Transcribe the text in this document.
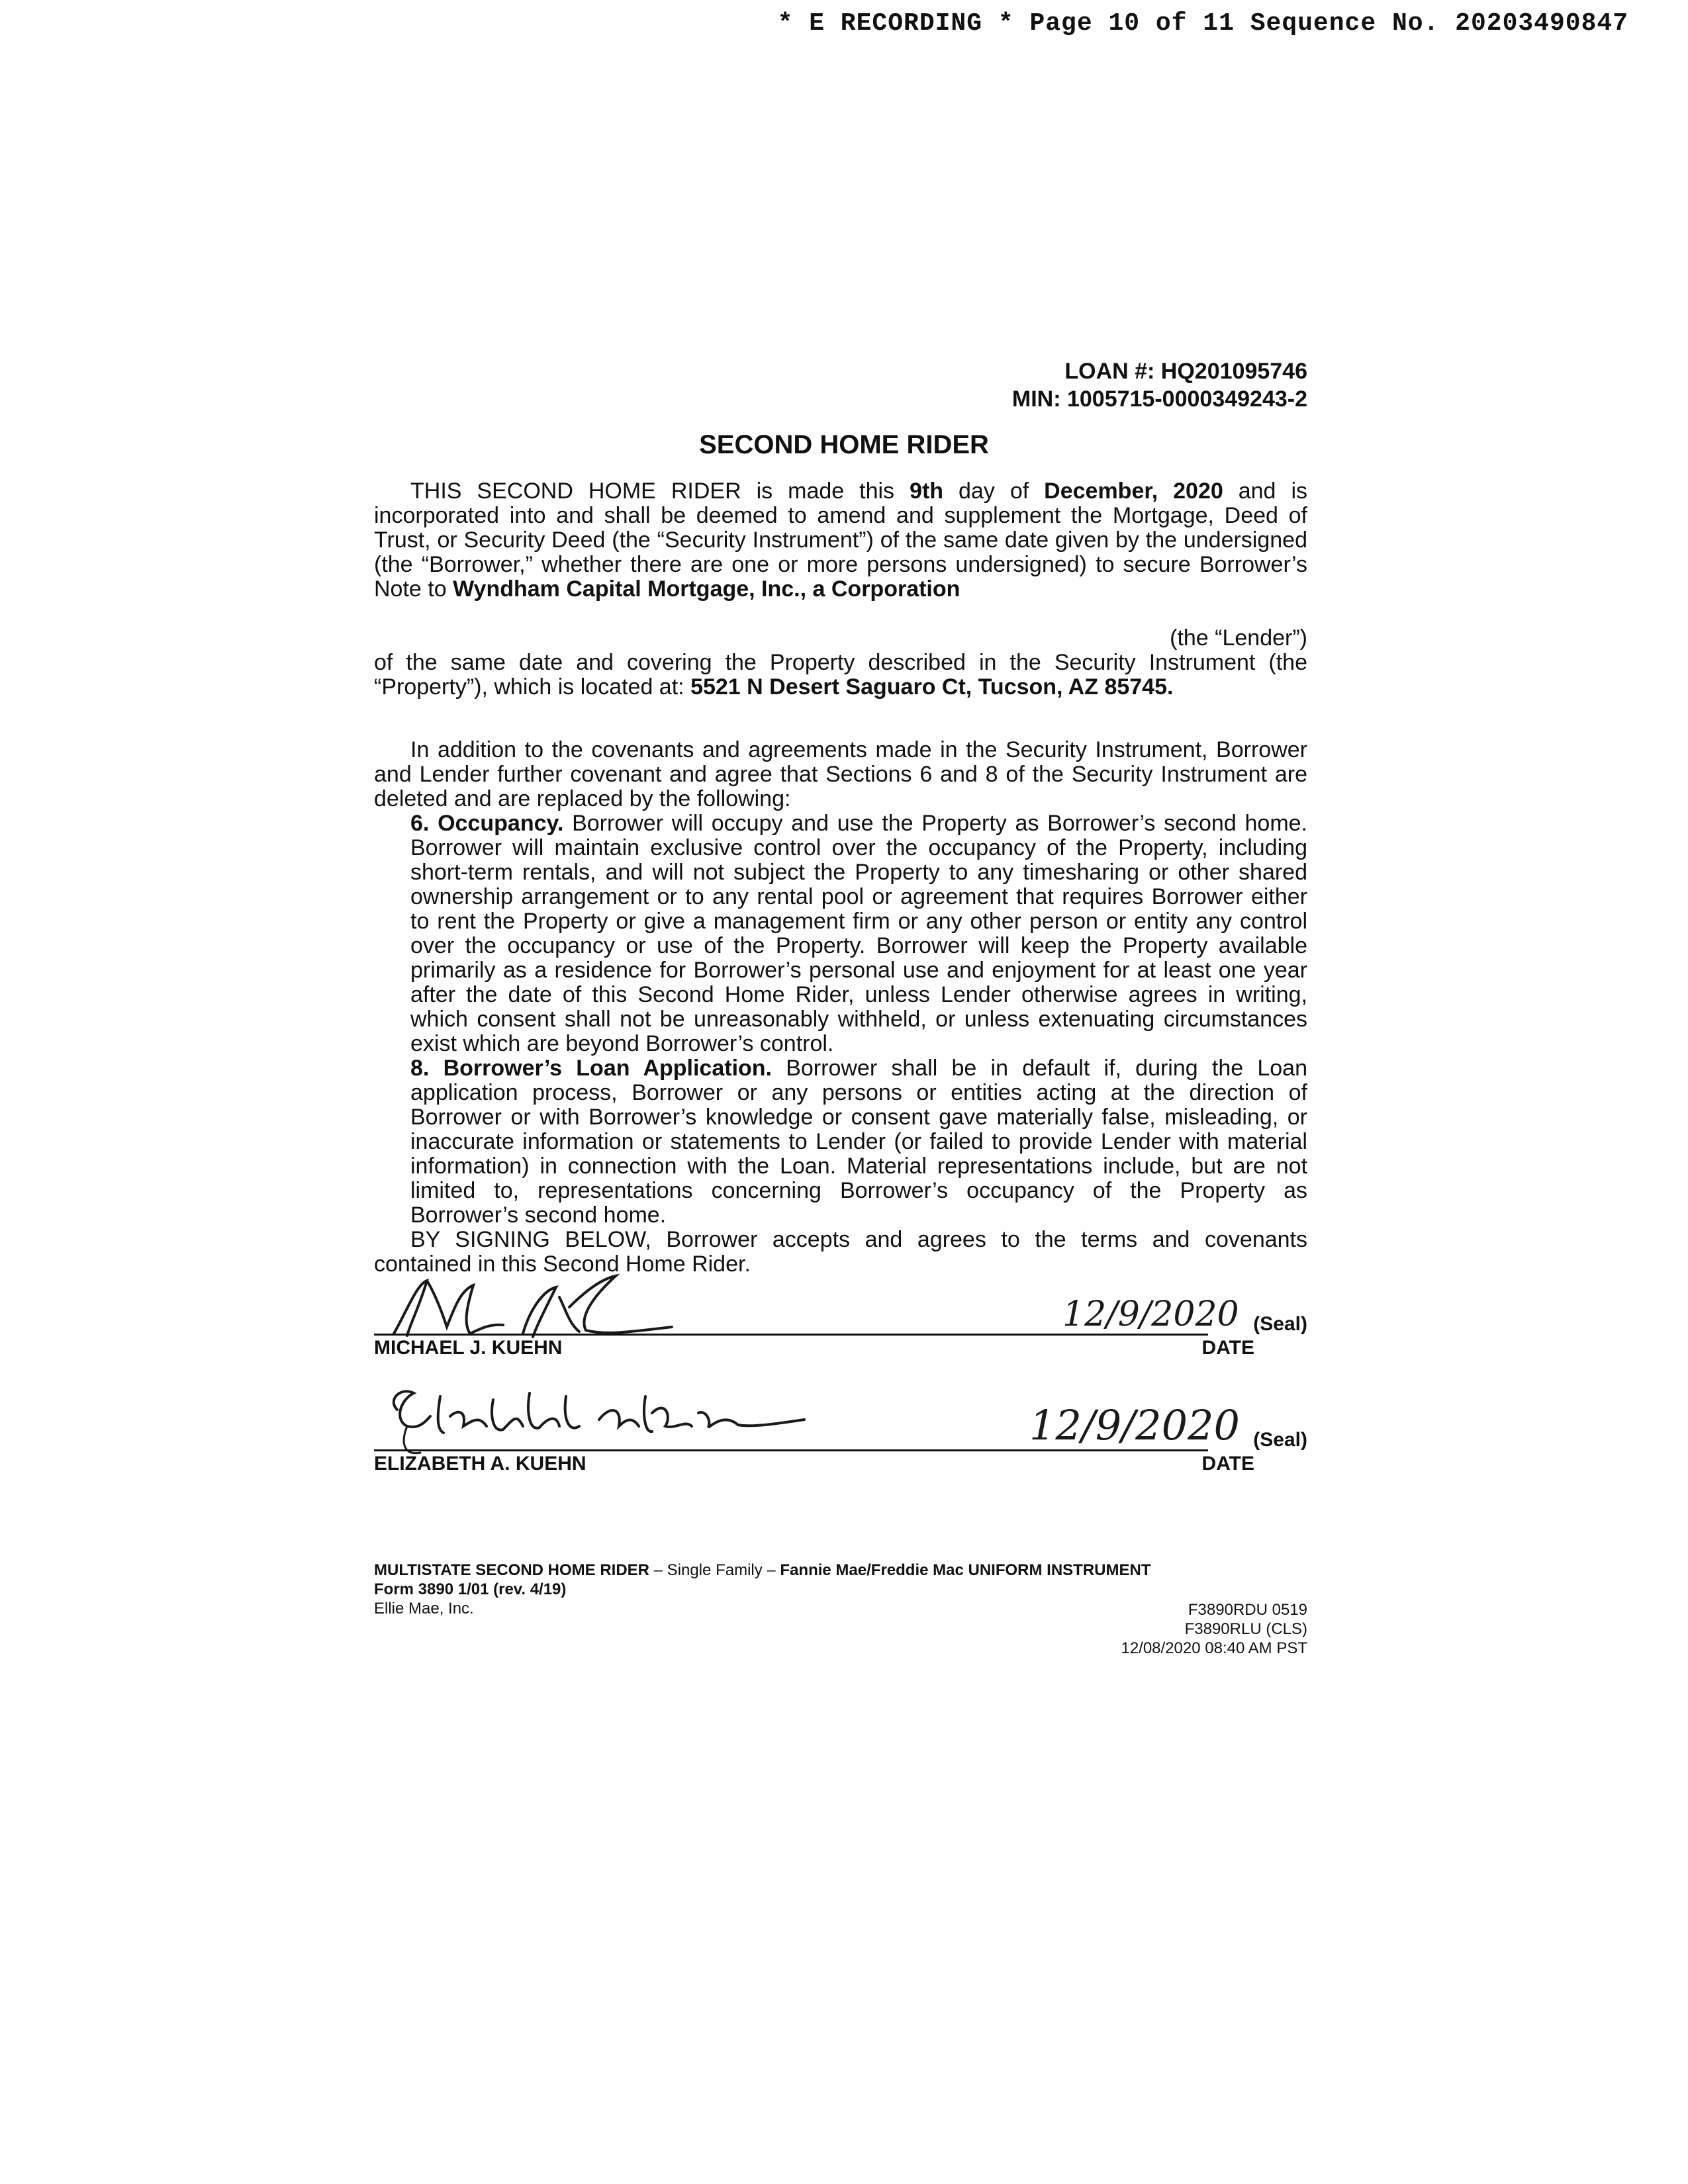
* E RECORDING * Page 10 of 11 Sequence No. 20203490847
LOAN #: HQ201095746
MIN: 1005715-0000349243-2
SECOND HOME RIDER

THIS SECOND HOME RIDER is made this 9th day of December, 2020 and is incorporated into and shall be deemed to amend and supplement the Mortgage, Deed of Trust, or Security Deed (the “Security Instrument”) of the same date given by the undersigned (the “Borrower,” whether there are one or more persons undersigned) to secure Borrower’s Note to Wyndham Capital Mortgage, Inc., a Corporation

(the “Lender”)

of the same date and covering the Property described in the Security Instrument (the “Property”), which is located at: 5521 N Desert Saguaro Ct, Tucson, AZ 85745.

In addition to the covenants and agreements made in the Security Instrument, Borrower and Lender further covenant and agree that Sections 6 and 8 of the Security Instrument are deleted and are replaced by the following:

6. Occupancy. Borrower will occupy and use the Property as Borrower’s second home. Borrower will maintain exclusive control over the occupancy of the Property, including short-term rentals, and will not subject the Property to any timesharing or other shared ownership arrangement or to any rental pool or agreement that requires Borrower either to rent the Property or give a management firm or any other person or entity any control over the occupancy or use of the Property. Borrower will keep the Property available primarily as a residence for Borrower’s personal use and enjoyment for at least one year after the date of this Second Home Rider, unless Lender otherwise agrees in writing, which consent shall not be unreasonably withheld, or unless extenuating circumstances exist which are beyond Borrower’s control.

8. Borrower’s Loan Application. Borrower shall be in default if, during the Loan application process, Borrower or any persons or entities acting at the direction of Borrower or with Borrower’s knowledge or consent gave materially false, misleading, or inaccurate information or statements to Lender (or failed to provide Lender with material information) in connection with the Loan. Material representations include, but are not limited to, representations concerning Borrower’s occupancy of the Property as Borrower’s second home.

BY SIGNING BELOW, Borrower accepts and agrees to the terms and covenants contained in this Second Home Rider.

12/9/2020 (Seal)
MICHAEL J. KUEHN	DATE
12/9/2020 (Seal)
ELIZABETH A. KUEHN	DATE

MULTISTATE SECOND HOME RIDER – Single Family – Fannie Mae/Freddie Mac UNIFORM INSTRUMENT

Form 3890 1/01 (rev. 4/19)

Ellie Mae, Inc.	F3890RDU 0519

F3890RLU (CLS)

12/08/2020 08:40 AM PST
